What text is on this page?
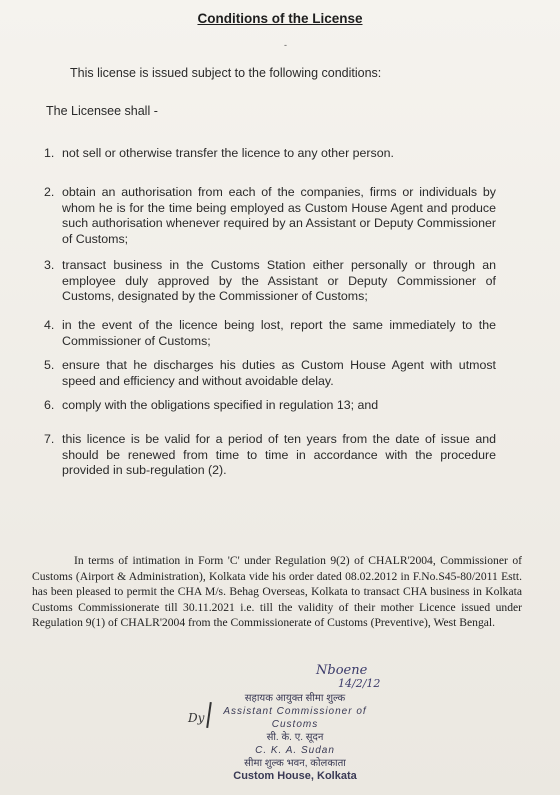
Conditions of the License
-
This license is issued subject to the following conditions:
The Licensee shall -
1. not sell or otherwise transfer the licence to any other person.
2. obtain an authorisation from each of the companies, firms or individuals by whom he is for the time being employed as Custom House Agent and produce such authorisation whenever required by an Assistant or Deputy Commissioner of Customs;
3. transact business in the Customs Station either personally or through an employee duly approved by the Assistant or Deputy Commissioner of Customs, designated by the Commissioner of Customs;
4. in the event of the licence being lost, report the same immediately to the Commissioner of Customs;
5. ensure that he discharges his duties as Custom House Agent with utmost speed and efficiency and without avoidable delay.
6. comply with the obligations specified in regulation 13; and
7. this licence is be valid for a period of ten years from the date of issue and should be renewed from time to time in accordance with the procedure provided in sub-regulation (2).
In terms of intimation in Form 'C' under Regulation 9(2) of CHALR'2004, Commissioner of Customs (Airport & Administration), Kolkata vide his order dated 08.02.2012 in F.No.S45-80/2011 Estt. has been pleased to permit the CHA M/s. Behag Overseas, Kolkata to transact CHA business in Kolkata Customs Commissionerate till 30.11.2021 i.e. till the validity of their mother Licence issued under Regulation 9(1) of CHALR'2004 from the Commissionerate of Customs (Preventive), West Bengal.
Nboene
14/2/12
Dy
सहायक आयुक्त सीमा शुल्क
Assistant Commissioner of Customs
सी. के. ए. सूदन
C. K. A. Sudan
सीमा शुल्क भवन, कोलकाता
Custom House, Kolkata
